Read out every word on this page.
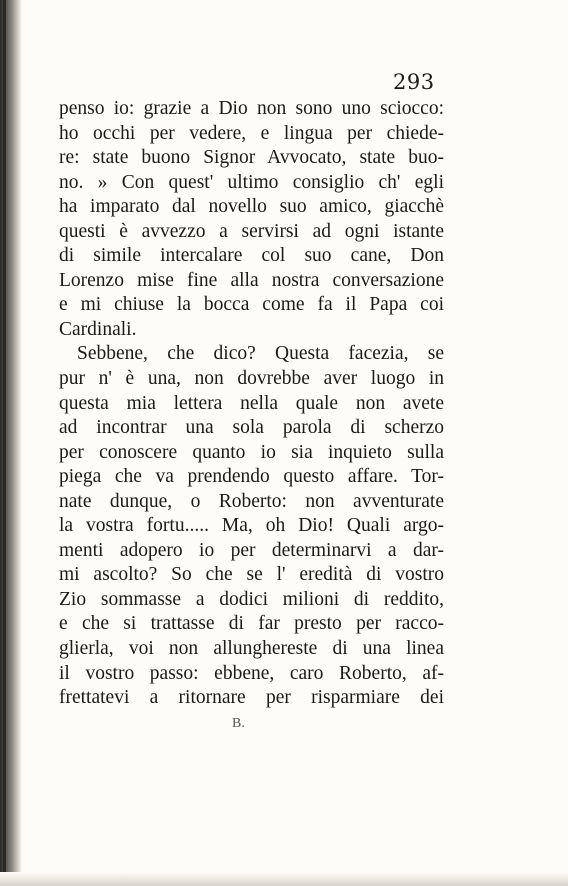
293
penso io: grazie a Dio non sono uno sciocco:
ho occhi per vedere, e lingua per chiede-
re: state buono Signor Avvocato, state buo-
no. » Con quest' ultimo consiglio ch' egli
ha imparato dal novello suo amico, giacchè
questi è avvezzo a servirsi ad ogni istante
di simile intercalare col suo cane, Don
Lorenzo mise fine alla nostra conversazione
e mi chiuse la bocca come fa il Papa coi
Cardinali.
Sebbene, che dico? Questa facezia, se
pur n' è una, non dovrebbe aver luogo in
questa mia lettera nella quale non avete
ad incontrar una sola parola di scherzo
per conoscere quanto io sia inquieto sulla
piega che va prendendo questo affare. Tor-
nate dunque, o Roberto: non avventurate
la vostra fortu..... Ma, oh Dio! Quali argo-
menti adopero io per determinarvi a dar-
mi ascolto? So che se l' eredità di vostro
Zio sommasse a dodici milioni di reddito,
e che si trattasse di far presto per racco-
glierla, voi non allunghereste di una linea
il vostro passo: ebbene, caro Roberto, af-
frettatevi a ritornare per risparmiare dei
Β.
